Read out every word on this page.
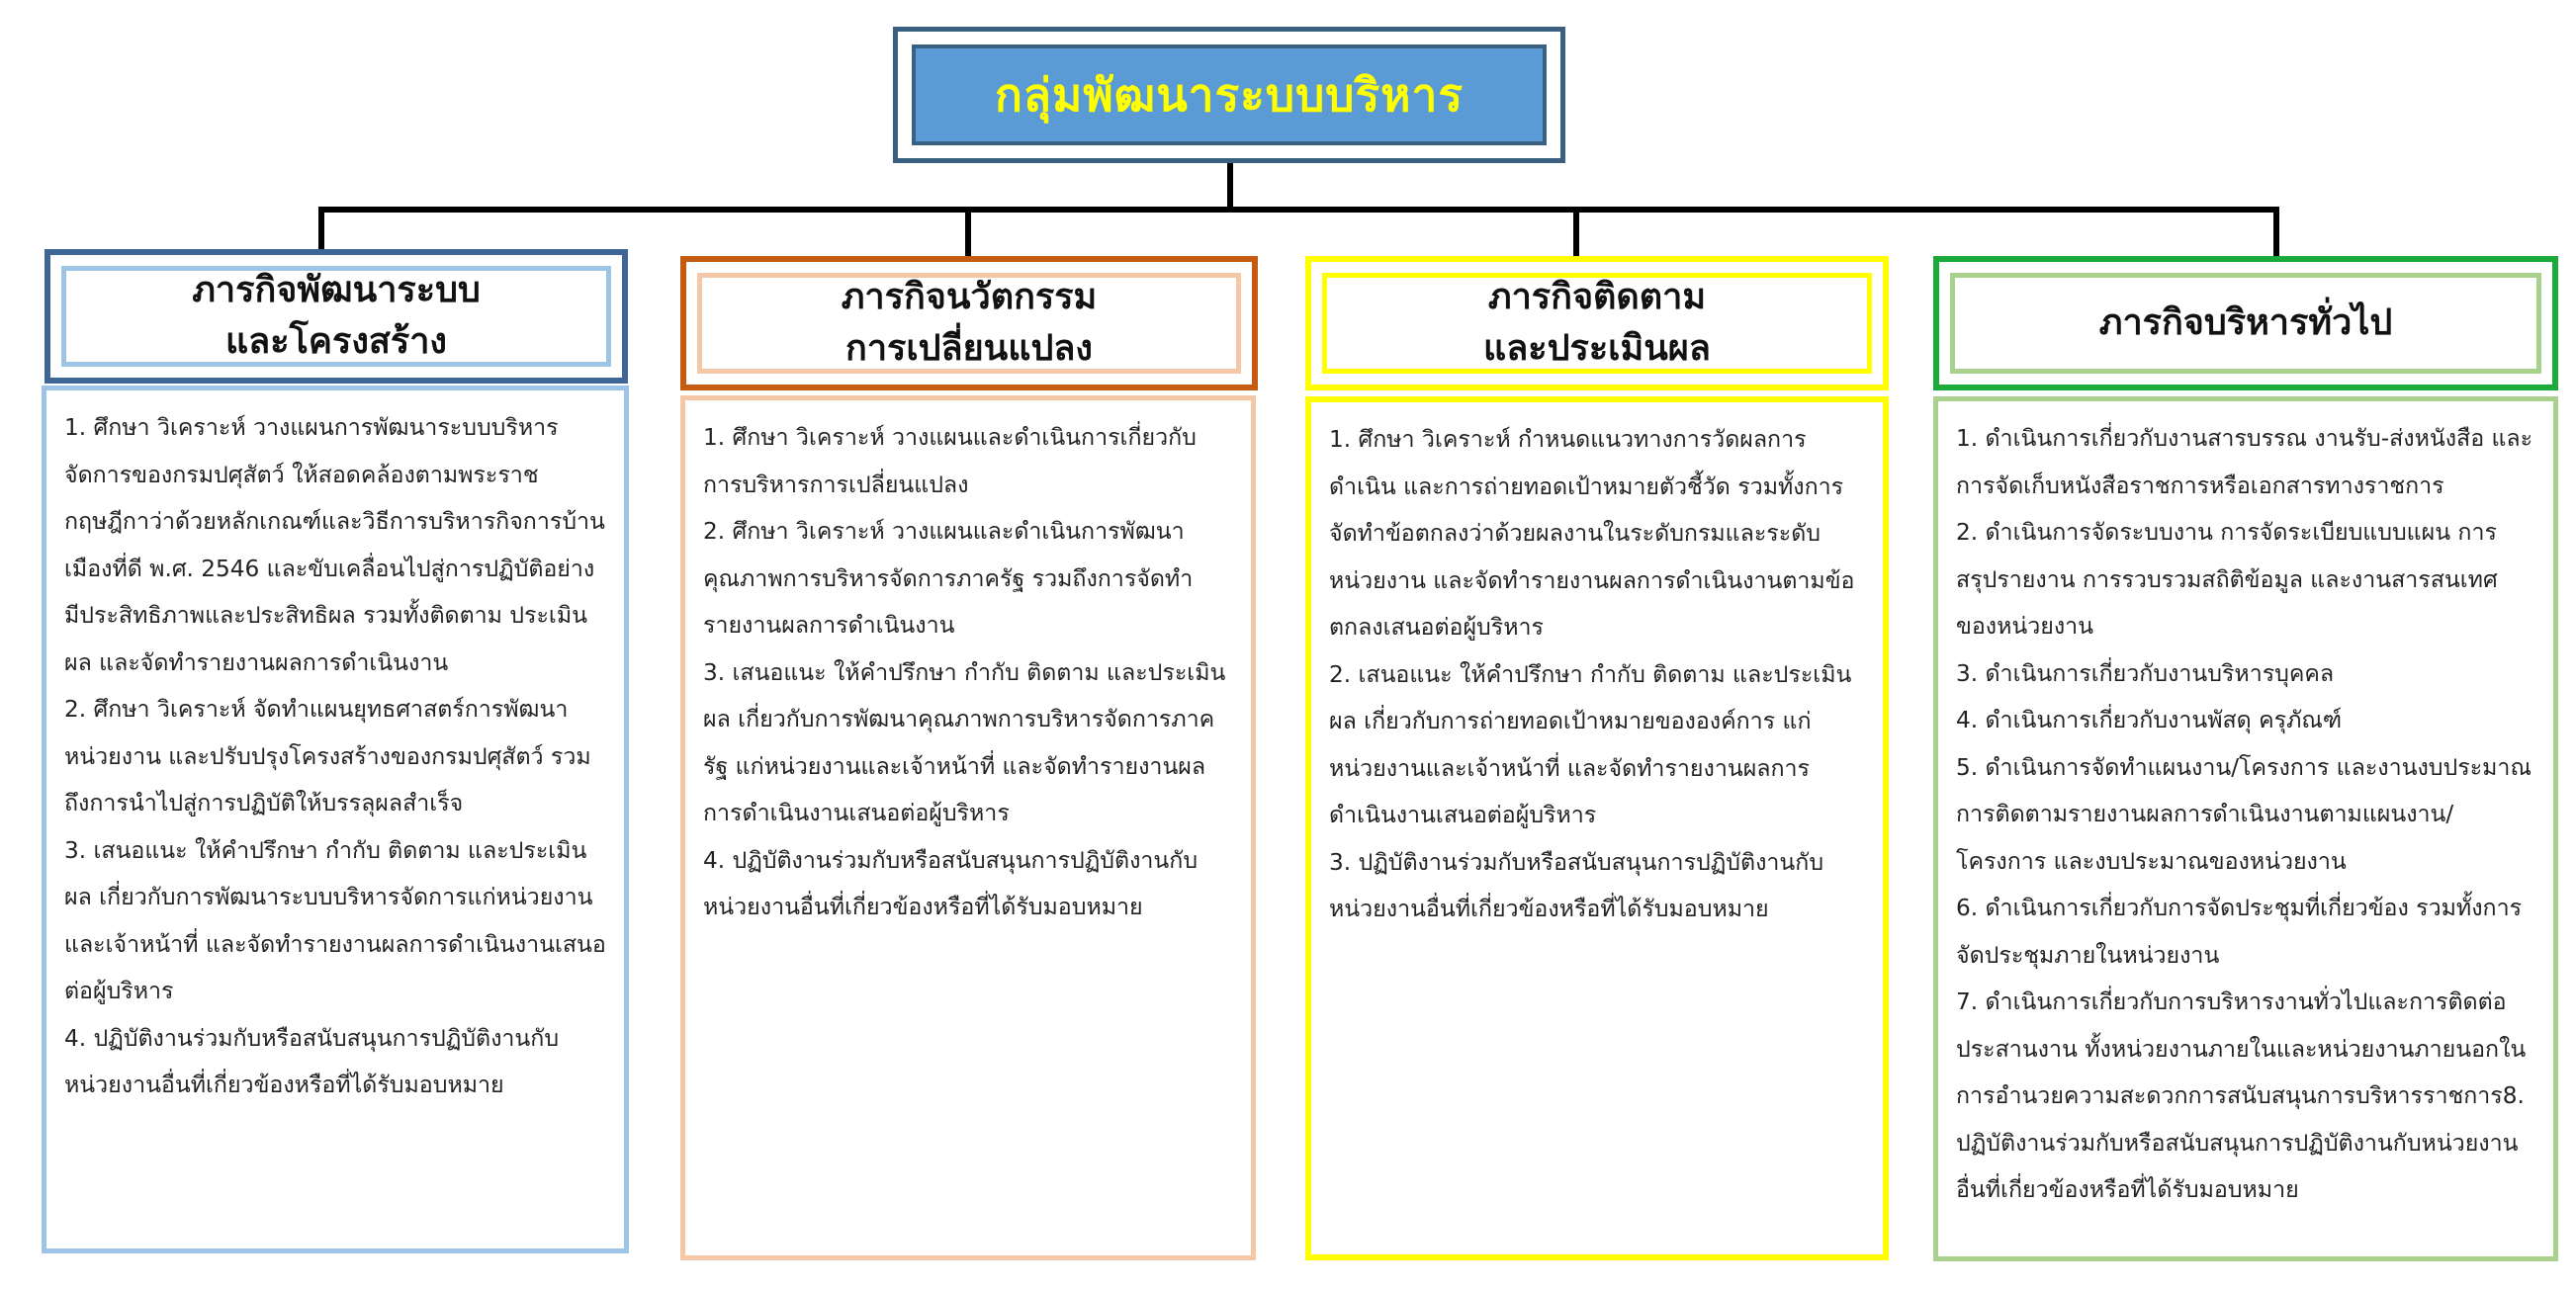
กลุ่มพัฒนาระบบบริหาร
ภารกิจพัฒนาระบบ
และโครงสร้าง

1. ศึกษา วิเคราะห์ วางแผนการพัฒนาระบบบริหารจัดการของกรมปศุสัตว์ ให้สอดคล้องตามพระราชกฤษฎีกาว่าด้วยหลักเกณฑ์และวิธีการบริหารกิจการบ้านเมืองที่ดี พ.ศ. 2546 และขับเคลื่อนไปสู่การปฏิบัติอย่างมีประสิทธิภาพและประสิทธิผล รวมทั้งติดตาม ประเมินผล และจัดทำรายงานผลการดำเนินงาน

2. ศึกษา วิเคราะห์ จัดทำแผนยุทธศาสตร์การพัฒนาหน่วยงาน และปรับปรุงโครงสร้างของกรมปศุสัตว์ รวมถึงการนำไปสู่การปฏิบัติให้บรรลุผลสำเร็จ

3. เสนอแนะ ให้คำปรึกษา กำกับ ติดตาม และประเมินผล เกี่ยวกับการพัฒนาระบบบริหารจัดการแก่หน่วยงานและเจ้าหน้าที่ และจัดทำรายงานผลการดำเนินงานเสนอต่อผู้บริหาร

4. ปฏิบัติงานร่วมกับหรือสนับสนุนการปฏิบัติงานกับหน่วยงานอื่นที่เกี่ยวข้องหรือที่ได้รับมอบหมาย

ภารกิจนวัตกรรม
การเปลี่ยนแปลง

1. ศึกษา วิเคราะห์ วางแผนและดำเนินการเกี่ยวกับการบริหารการเปลี่ยนแปลง

2. ศึกษา วิเคราะห์ วางแผนและดำเนินการพัฒนาคุณภาพการบริหารจัดการภาครัฐ รวมถึงการจัดทำรายงานผลการดำเนินงาน

3. เสนอแนะ ให้คำปรึกษา กำกับ ติดตาม และประเมินผล เกี่ยวกับการพัฒนาคุณภาพการบริหารจัดการภาครัฐ แก่หน่วยงานและเจ้าหน้าที่ และจัดทำรายงานผลการดำเนินงานเสนอต่อผู้บริหาร

4. ปฏิบัติงานร่วมกับหรือสนับสนุนการปฏิบัติงานกับหน่วยงานอื่นที่เกี่ยวข้องหรือที่ได้รับมอบหมาย

ภารกิจติดตาม
และประเมินผล

1. ศึกษา วิเคราะห์ กำหนดแนวทางการวัดผลการดำเนิน และการถ่ายทอดเป้าหมายตัวชี้วัด รวมทั้งการจัดทำข้อตกลงว่าด้วยผลงานในระดับกรมและระดับหน่วยงาน และจัดทำรายงานผลการดำเนินงานตามข้อตกลงเสนอต่อผู้บริหาร

2. เสนอแนะ ให้คำปรึกษา กำกับ ติดตาม และประเมินผล เกี่ยวกับการถ่ายทอดเป้าหมายขององค์การ แก่หน่วยงานและเจ้าหน้าที่ และจัดทำรายงานผลการดำเนินงานเสนอต่อผู้บริหาร

3. ปฏิบัติงานร่วมกับหรือสนับสนุนการปฏิบัติงานกับหน่วยงานอื่นที่เกี่ยวข้องหรือที่ได้รับมอบหมาย

ภารกิจบริหารทั่วไป

1. ดำเนินการเกี่ยวกับงานสารบรรณ งานรับ-ส่งหนังสือ และการจัดเก็บหนังสือราชการหรือเอกสารทางราชการ

2. ดำเนินการจัดระบบงาน การจัดระเบียบแบบแผน การสรุปรายงาน การรวบรวมสถิติข้อมูล และงานสารสนเทศของหน่วยงาน

3. ดำเนินการเกี่ยวกับงานบริหารบุคคล

4. ดำเนินการเกี่ยวกับงานพัสดุ ครุภัณฑ์

5. ดำเนินการจัดทำแผนงาน/โครงการ และงานงบประมาณ การติดตามรายงานผลการดำเนินงานตามแผนงาน/โครงการ และงบประมาณของหน่วยงาน

6. ดำเนินการเกี่ยวกับการจัดประชุมที่เกี่ยวข้อง รวมทั้งการจัดประชุมภายในหน่วยงาน

7. ดำเนินการเกี่ยวกับการบริหารงานทั่วไปและการติดต่อประสานงาน ทั้งหน่วยงานภายในและหน่วยงานภายนอกในการอำนวยความสะดวกการสนับสนุนการบริหารราชการ8. ปฏิบัติงานร่วมกับหรือสนับสนุนการปฏิบัติงานกับหน่วยงานอื่นที่เกี่ยวข้องหรือที่ได้รับมอบหมาย
